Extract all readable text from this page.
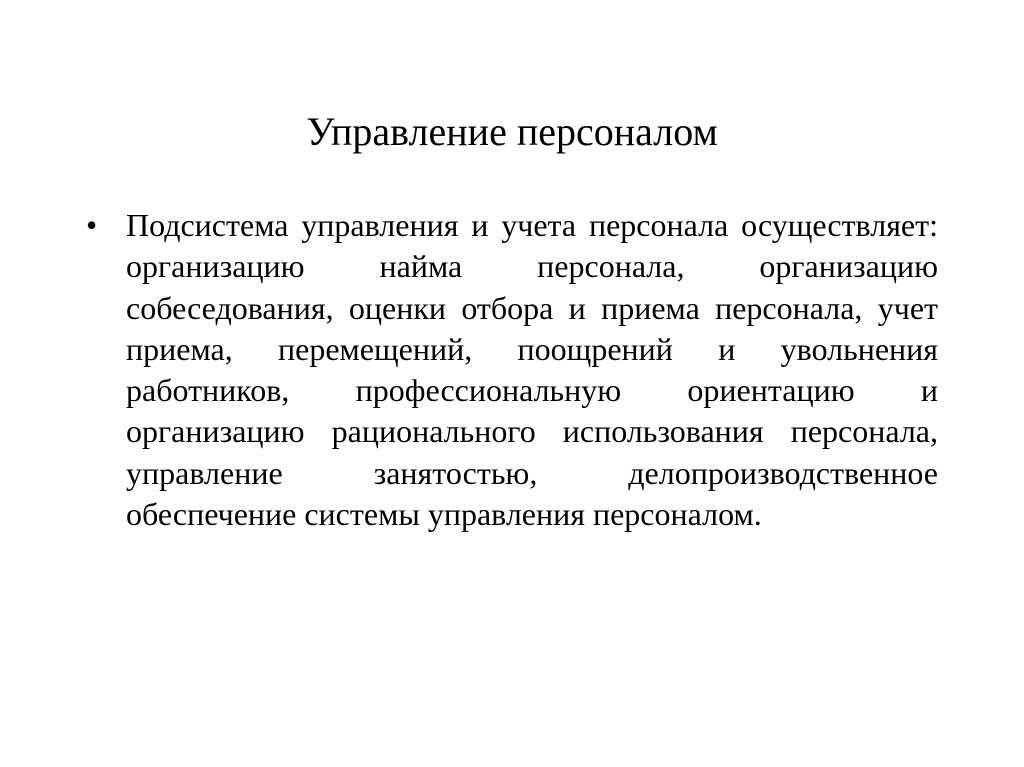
Управление персоналом
• Подсистема управления и учета персонала осуществляет: организацию найма персонала, организацию собеседования, оценки отбора и приема персонала, учет приема, перемещений, поощрений и увольнения работников, профессиональную ориентацию и организацию рационального использования персонала, управление занятостью, делопроизводственное обеспечение системы управления персоналом.
